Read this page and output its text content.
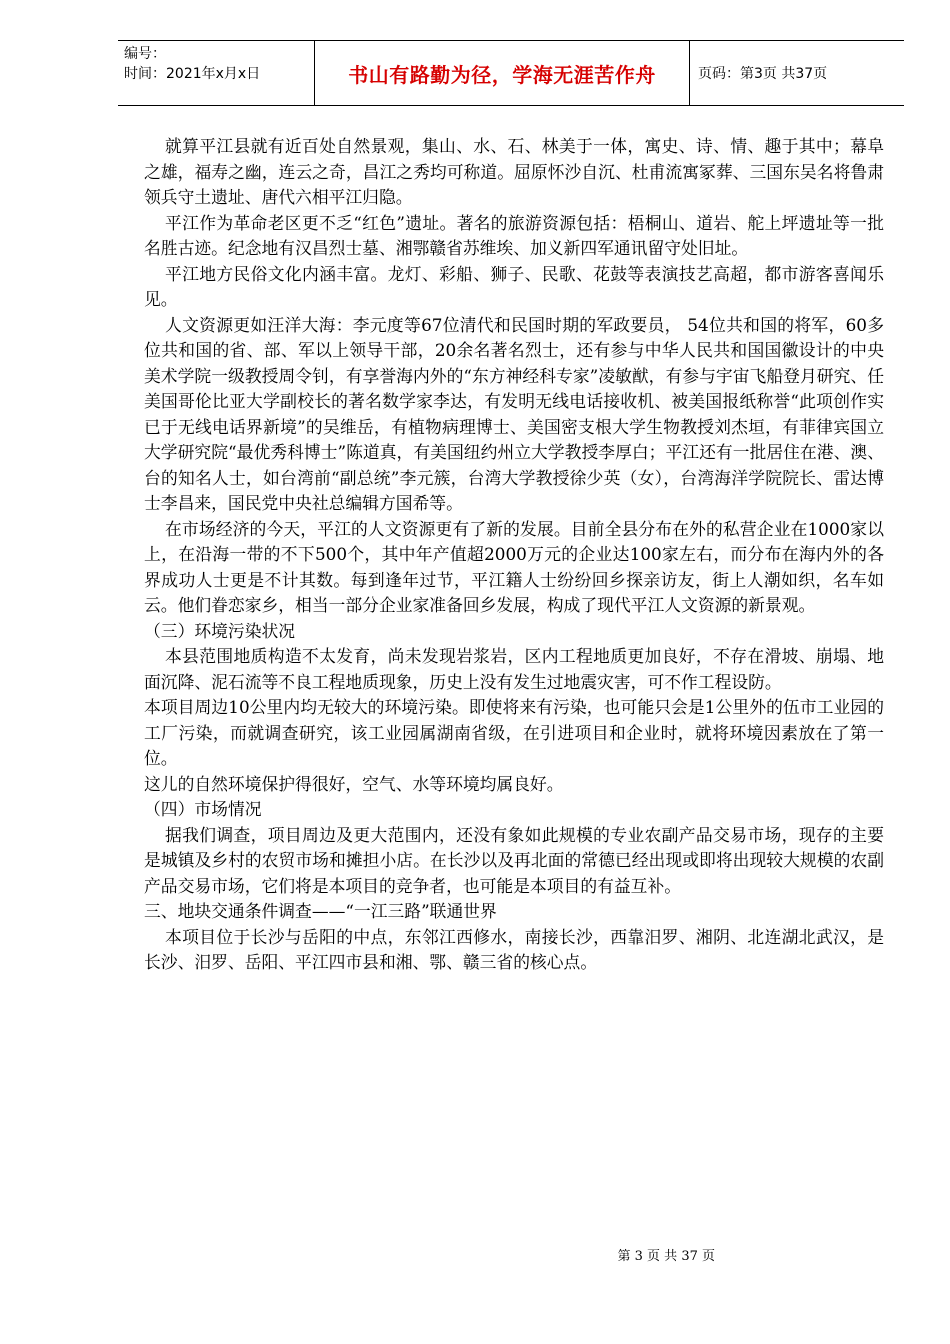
编号：
时间：2021年x月x日	书山有路勤为径，学海无涯苦作舟	页码：第3页 共37页

就算平江县就有近百处自然景观，集山、水、石、林美于一体，寓史、诗、情、趣于其中；幕阜之雄，福寿之幽，连云之奇，昌江之秀均可称道。屈原怀沙自沉、杜甫流寓冢葬、三国东吴名将鲁肃领兵守土遗址、唐代六相平江归隐。

平江作为革命老区更不乏“红色”遗址。著名的旅游资源包括：梧桐山、道岩、舵上坪遗址等一批名胜古迹。纪念地有汉昌烈士墓、湘鄂赣省苏维埃、加义新四军通讯留守处旧址。

平江地方民俗文化内涵丰富。龙灯、彩船、狮子、民歌、花鼓等表演技艺高超，都市游客喜闻乐见。

人文资源更如汪洋大海：李元度等67位清代和民国时期的军政要员， 54位共和国的将军，60多位共和国的省、部、军以上领导干部，20余名著名烈士，还有参与中华人民共和国国徽设计的中央美术学院一级教授周令钊，有享誉海内外的“东方神经科专家”凌敏猷，有参与宇宙飞船登月研究、任美国哥伦比亚大学副校长的著名数学家李达，有发明无线电话接收机、被美国报纸称誉“此项创作实已于无线电话界新境”的吴维岳，有植物病理博士、美国密支根大学生物教授刘杰垣，有菲律宾国立大学研究院“最优秀科博士”陈道真，有美国纽约州立大学教授李厚白；平江还有一批居住在港、澳、台的知名人士，如台湾前“副总统”李元簇，台湾大学教授徐少英（女），台湾海洋学院院长、雷达博士李昌来，国民党中央社总编辑方国希等。

在市场经济的今天，平江的人文资源更有了新的发展。目前全县分布在外的私营企业在1000家以上，在沿海一带的不下500个，其中年产值超2000万元的企业达100家左右，而分布在海内外的各界成功人士更是不计其数。每到逢年过节，平江籍人士纷纷回乡探亲访友，街上人潮如织，名车如云。他们眷恋家乡，相当一部分企业家准备回乡发展，构成了现代平江人文资源的新景观。

（三）环境污染状况

本县范围地质构造不太发育，尚未发现岩浆岩，区内工程地质更加良好，不存在滑坡、崩塌、地面沉降、泥石流等不良工程地质现象，历史上没有发生过地震灾害，可不作工程设防。

本项目周边10公里内均无较大的环境污染。即使将来有污染，也可能只会是1公里外的伍市工业园的工厂污染，而就调查研究，该工业园属湖南省级，在引进项目和企业时，就将环境因素放在了第一位。

这儿的自然环境保护得很好，空气、水等环境均属良好。

（四）市场情况

据我们调查，项目周边及更大范围内，还没有象如此规模的专业农副产品交易市场，现存的主要是城镇及乡村的农贸市场和摊担小店。在长沙以及再北面的常德已经出现或即将出现较大规模的农副产品交易市场，它们将是本项目的竞争者，也可能是本项目的有益互补。

三、地块交通条件调查——“一江三路”联通世界

本项目位于长沙与岳阳的中点，东邻江西修水，南接长沙，西靠汨罗、湘阴、北连湖北武汉，是长沙、汨罗、岳阳、平江四市县和湘、鄂、赣三省的核心点。

第 3 页 共 37 页
